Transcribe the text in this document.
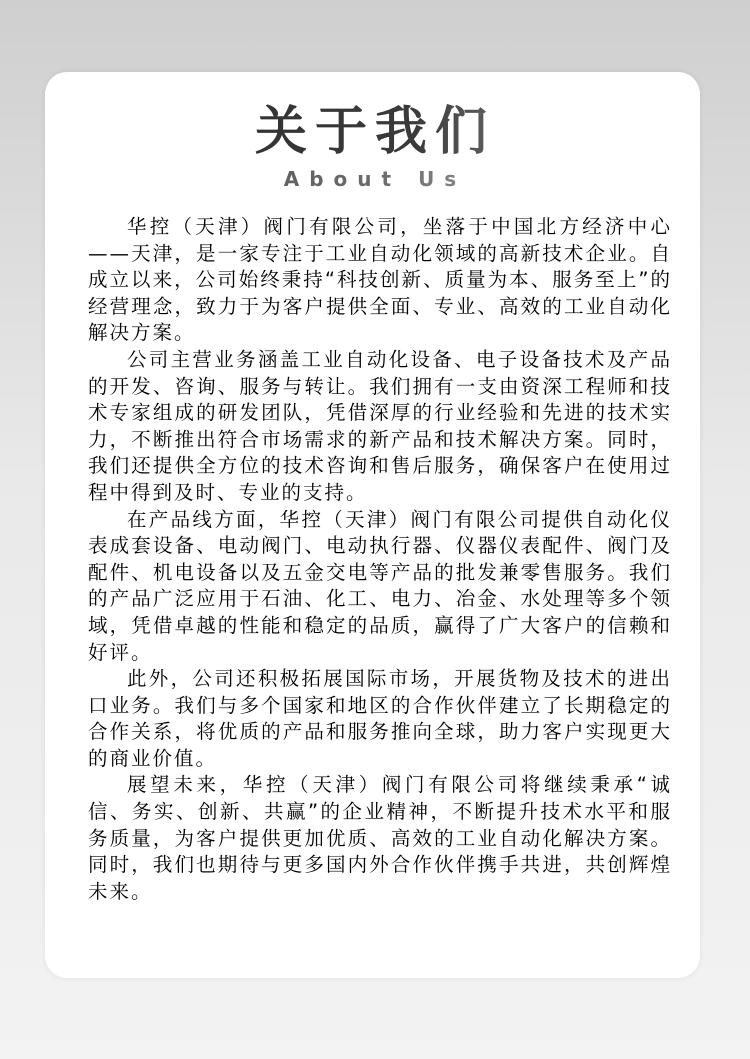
关于我们
About Us

华控（天津）阀门有限公司，坐落于中国北方经济中心——天津，是一家专注于工业自动化领域的高新技术企业。自成立以来，公司始终秉持“科技创新、质量为本、服务至上”的经营理念，致力于为客户提供全面、专业、高效的工业自动化解决方案。

公司主营业务涵盖工业自动化设备、电子设备技术及产品的开发、咨询、服务与转让。我们拥有一支由资深工程师和技术专家组成的研发团队，凭借深厚的行业经验和先进的技术实力，不断推出符合市场需求的新产品和技术解决方案。同时，我们还提供全方位的技术咨询和售后服务，确保客户在使用过程中得到及时、专业的支持。

在产品线方面，华控（天津）阀门有限公司提供自动化仪表成套设备、电动阀门、电动执行器、仪器仪表配件、阀门及配件、机电设备以及五金交电等产品的批发兼零售服务。我们的产品广泛应用于石油、化工、电力、冶金、水处理等多个领域，凭借卓越的性能和稳定的品质，赢得了广大客户的信赖和好评。

此外，公司还积极拓展国际市场，开展货物及技术的进出口业务。我们与多个国家和地区的合作伙伴建立了长期稳定的合作关系，将优质的产品和服务推向全球，助力客户实现更大的商业价值。

展望未来，华控（天津）阀门有限公司将继续秉承“诚信、务实、创新、共赢”的企业精神，不断提升技术水平和服务质量，为客户提供更加优质、高效的工业自动化解决方案。同时，我们也期待与更多国内外合作伙伴携手共进，共创辉煌未来。
